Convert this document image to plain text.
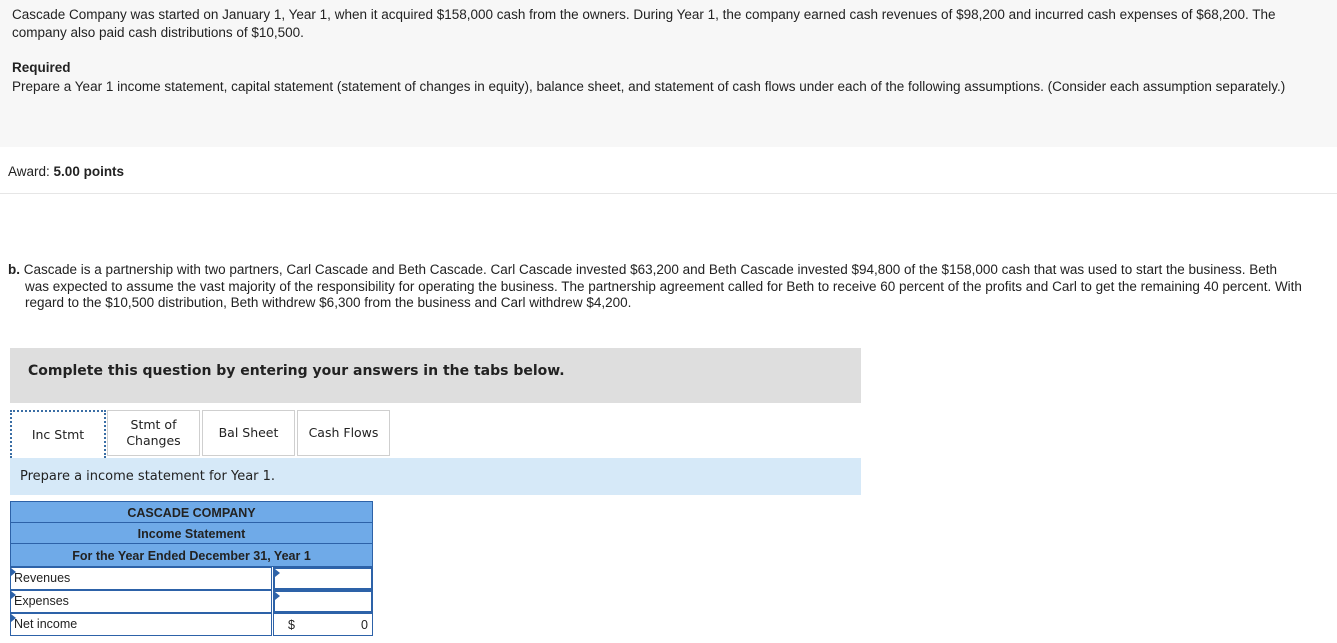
Cascade Company was started on January 1, Year 1, when it acquired $158,000 cash from the owners. During Year 1, the company earned cash revenues of $98,200 and incurred cash expenses of $68,200. The company also paid cash distributions of $10,500.

Required

Prepare a Year 1 income statement, capital statement (statement of changes in equity), balance sheet, and statement of cash flows under each of the following assumptions. (Consider each assumption separately.)

Award: 5.00 points
b. Cascade is a partnership with two partners, Carl Cascade and Beth Cascade. Carl Cascade invested $63,200 and Beth Cascade invested $94,800 of the $158,000 cash that was used to start the business. Beth
was expected to assume the vast majority of the responsibility for operating the business. The partnership agreement called for Beth to receive 60 percent of the profits and Carl to get the remaining 40 percent. With regard to the $10,500 distribution, Beth withdrew $6,300 from the business and Carl withdrew $4,200.
Complete this question by entering your answers in the tabs below.
Inc Stmt
Stmt of Changes
Bal Sheet	Cash Flows
Prepare a income statement for Year 1.
CASCADE COMPANY
Income Statement
For the Year Ended December 31, Year 1
Revenues
Expenses
Net income	$	0
